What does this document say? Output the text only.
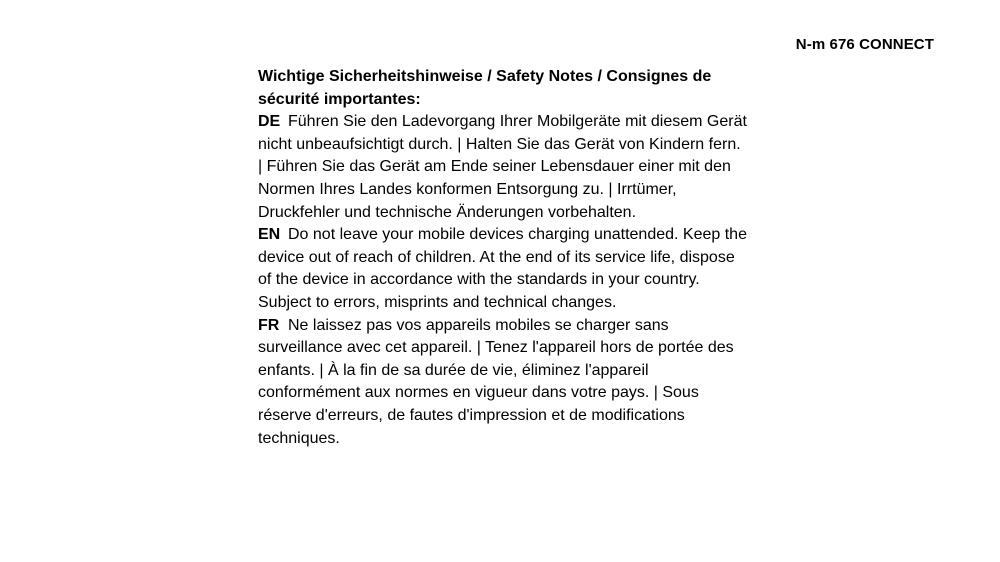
N-m 676 CONNECT

Wichtige Sicherheitshinweise / Safety Notes / Consignes de sécurité importantes:

DE Führen Sie den Ladevorgang Ihrer Mobilgeräte mit diesem Gerät nicht unbeaufsichtigt durch. | Halten Sie das Gerät von Kindern fern. | Führen Sie das Gerät am Ende seiner Lebensdauer einer mit den Normen Ihres Landes konformen Entsorgung zu. | Irrtümer, Druckfehler und technische Änderungen vorbehalten.

EN Do not leave your mobile devices charging unattended. Keep the device out of reach of children. At the end of its service life, dispose of the device in accordance with the standards in your country. Subject to errors, misprints and technical changes.

FR Ne laissez pas vos appareils mobiles se charger sans surveillance avec cet appareil. | Tenez l'appareil hors de portée des enfants. | À la fin de sa durée de vie, éliminez l'appareil conformément aux normes en vigueur dans votre pays. | Sous réserve d'erreurs, de fautes d'impression et de modifications techniques.
